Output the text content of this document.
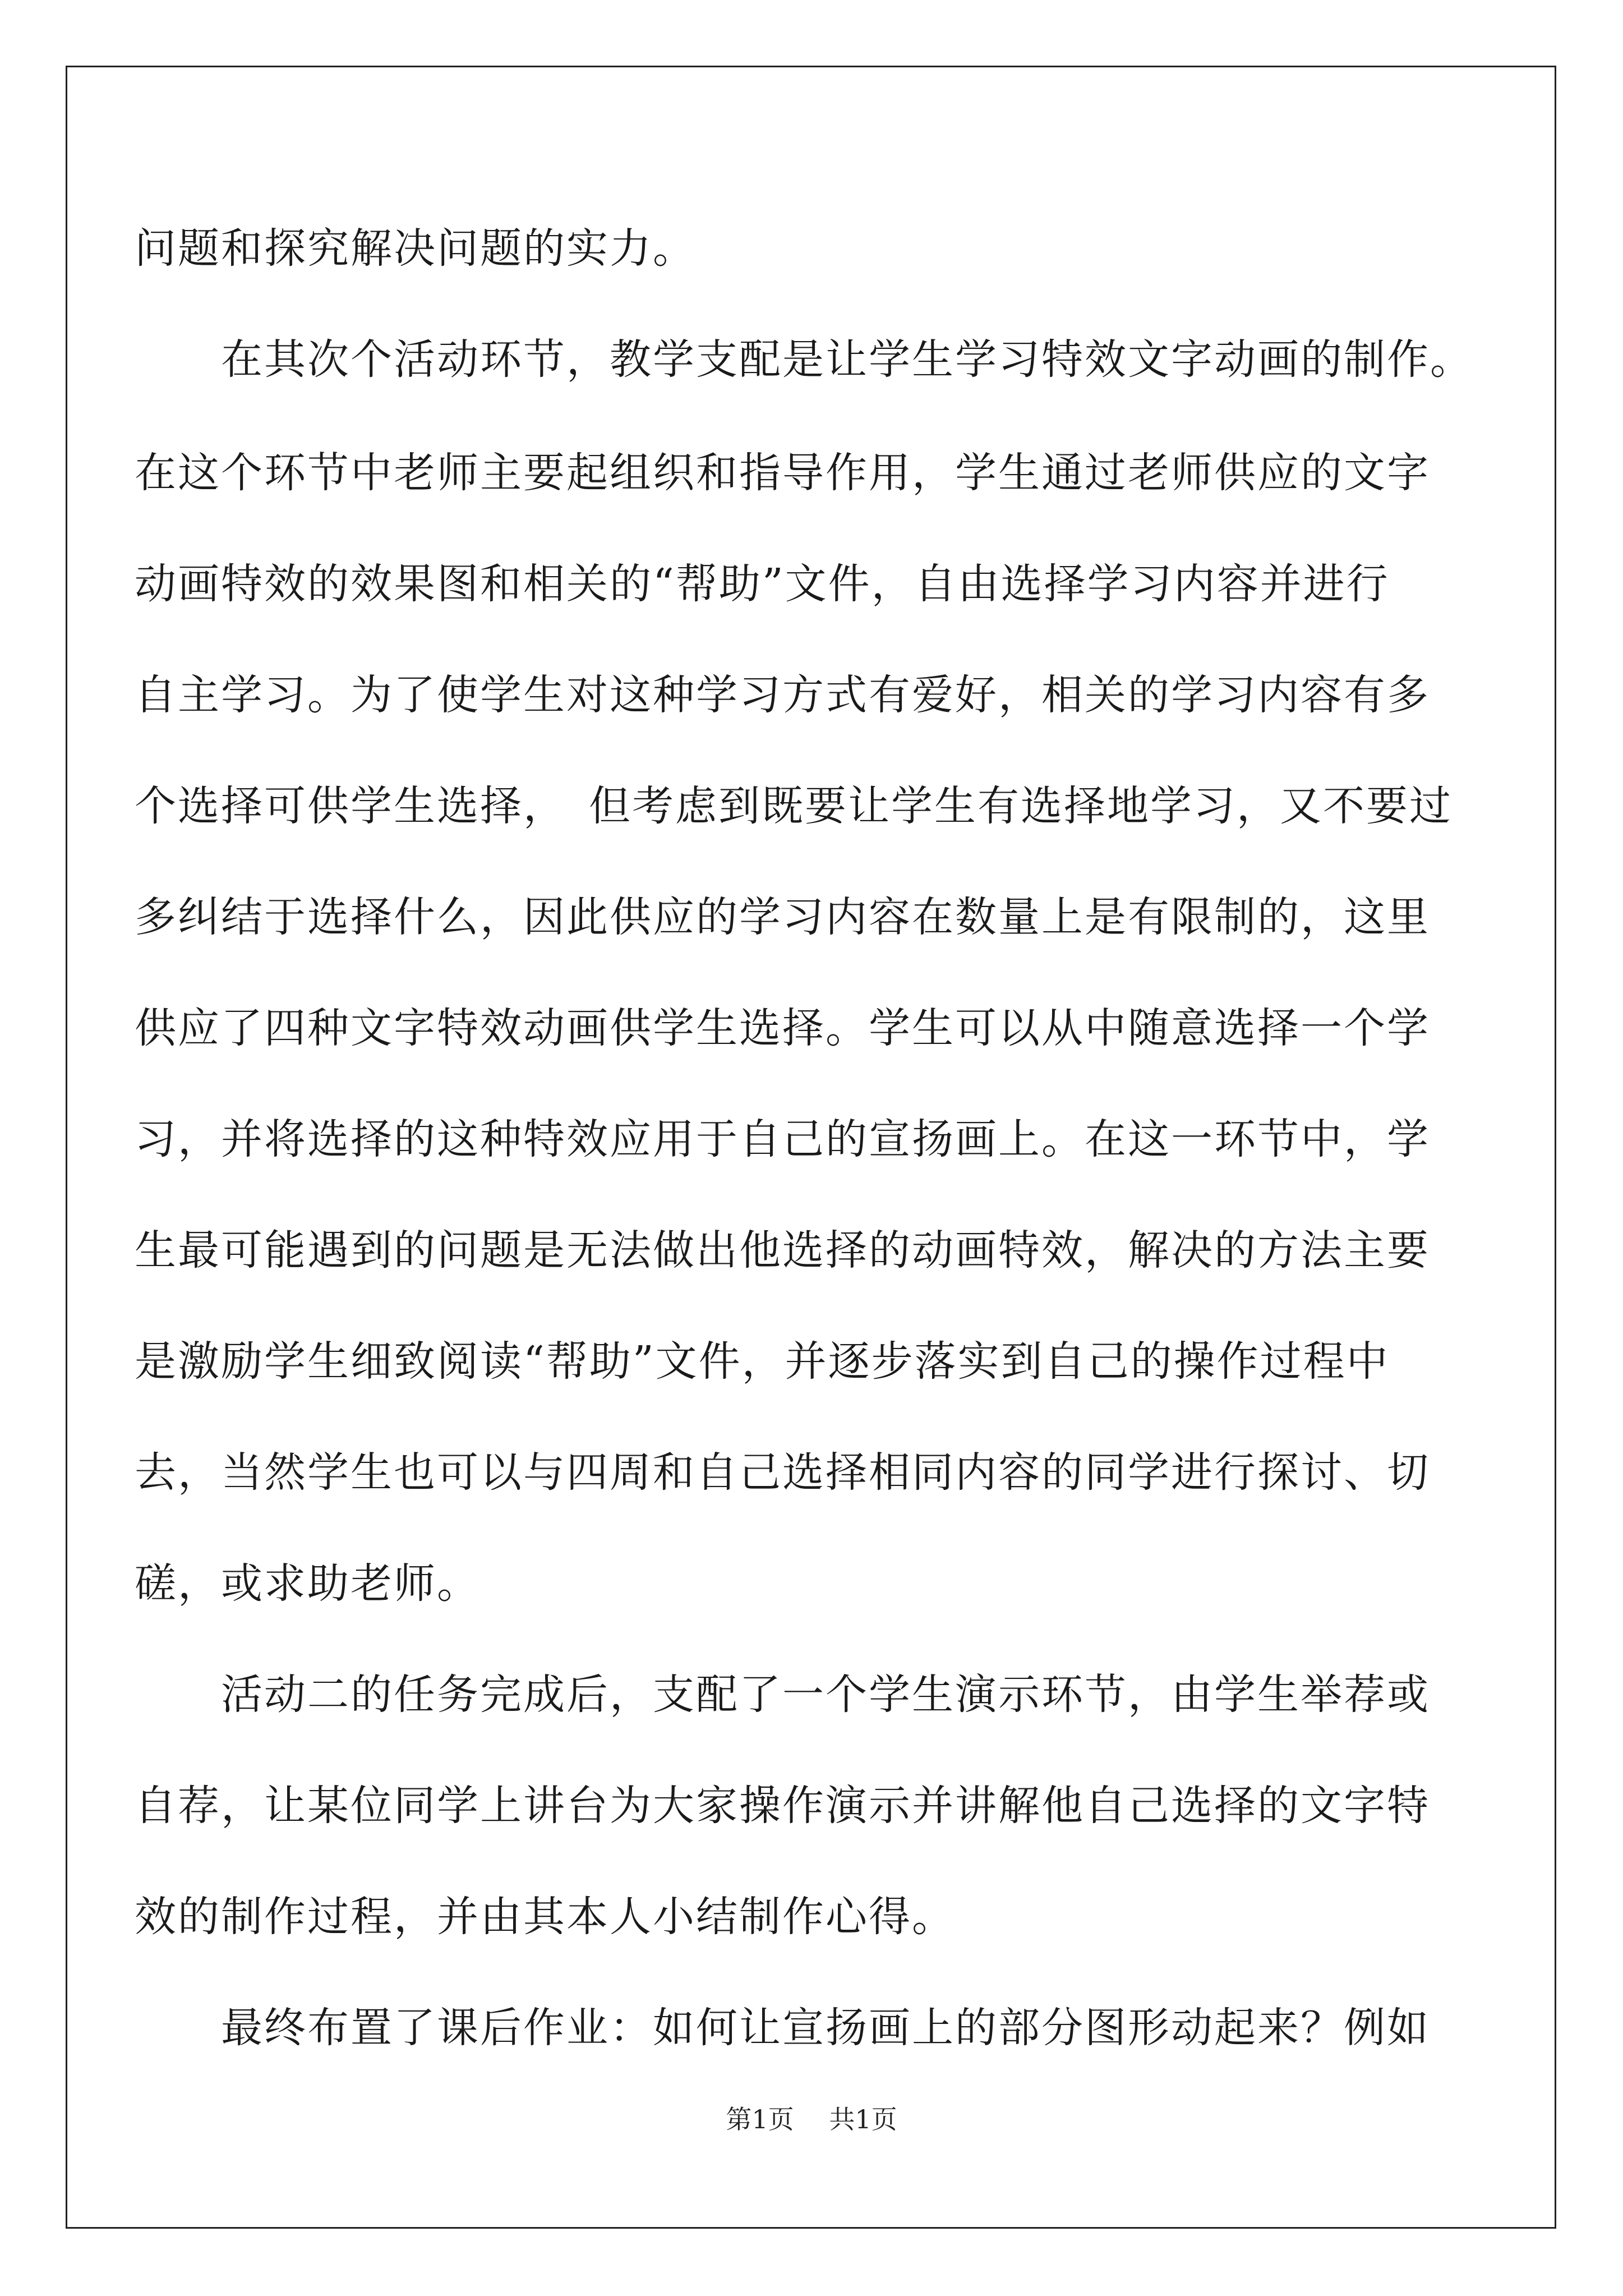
问题和探究解决问题的实力。
　　在其次个活动环节，教学支配是让学生学习特效文字动画的制作。
在这个环节中老师主要起组织和指导作用，学生通过老师供应的文字
动画特效的效果图和相关的“帮助”文件，自由选择学习内容并进行
自主学习。为了使学生对这种学习方式有爱好，相关的学习内容有多
个选择可供学生选择，　但考虑到既要让学生有选择地学习，又不要过
多纠结于选择什么，因此供应的学习内容在数量上是有限制的，这里
供应了四种文字特效动画供学生选择。学生可以从中随意选择一个学
习，并将选择的这种特效应用于自己的宣扬画上。在这一环节中，学
生最可能遇到的问题是无法做出他选择的动画特效，解决的方法主要
是激励学生细致阅读“帮助”文件，并逐步落实到自己的操作过程中
去，当然学生也可以与四周和自己选择相同内容的同学进行探讨、切
磋，或求助老师。
　　活动二的任务完成后，支配了一个学生演示环节，由学生举荐或
自荐，让某位同学上讲台为大家操作演示并讲解他自己选择的文字特
效的制作过程，并由其本人小结制作心得。
　　最终布置了课后作业：如何让宣扬画上的部分图形动起来？例如
第1页 共1页
